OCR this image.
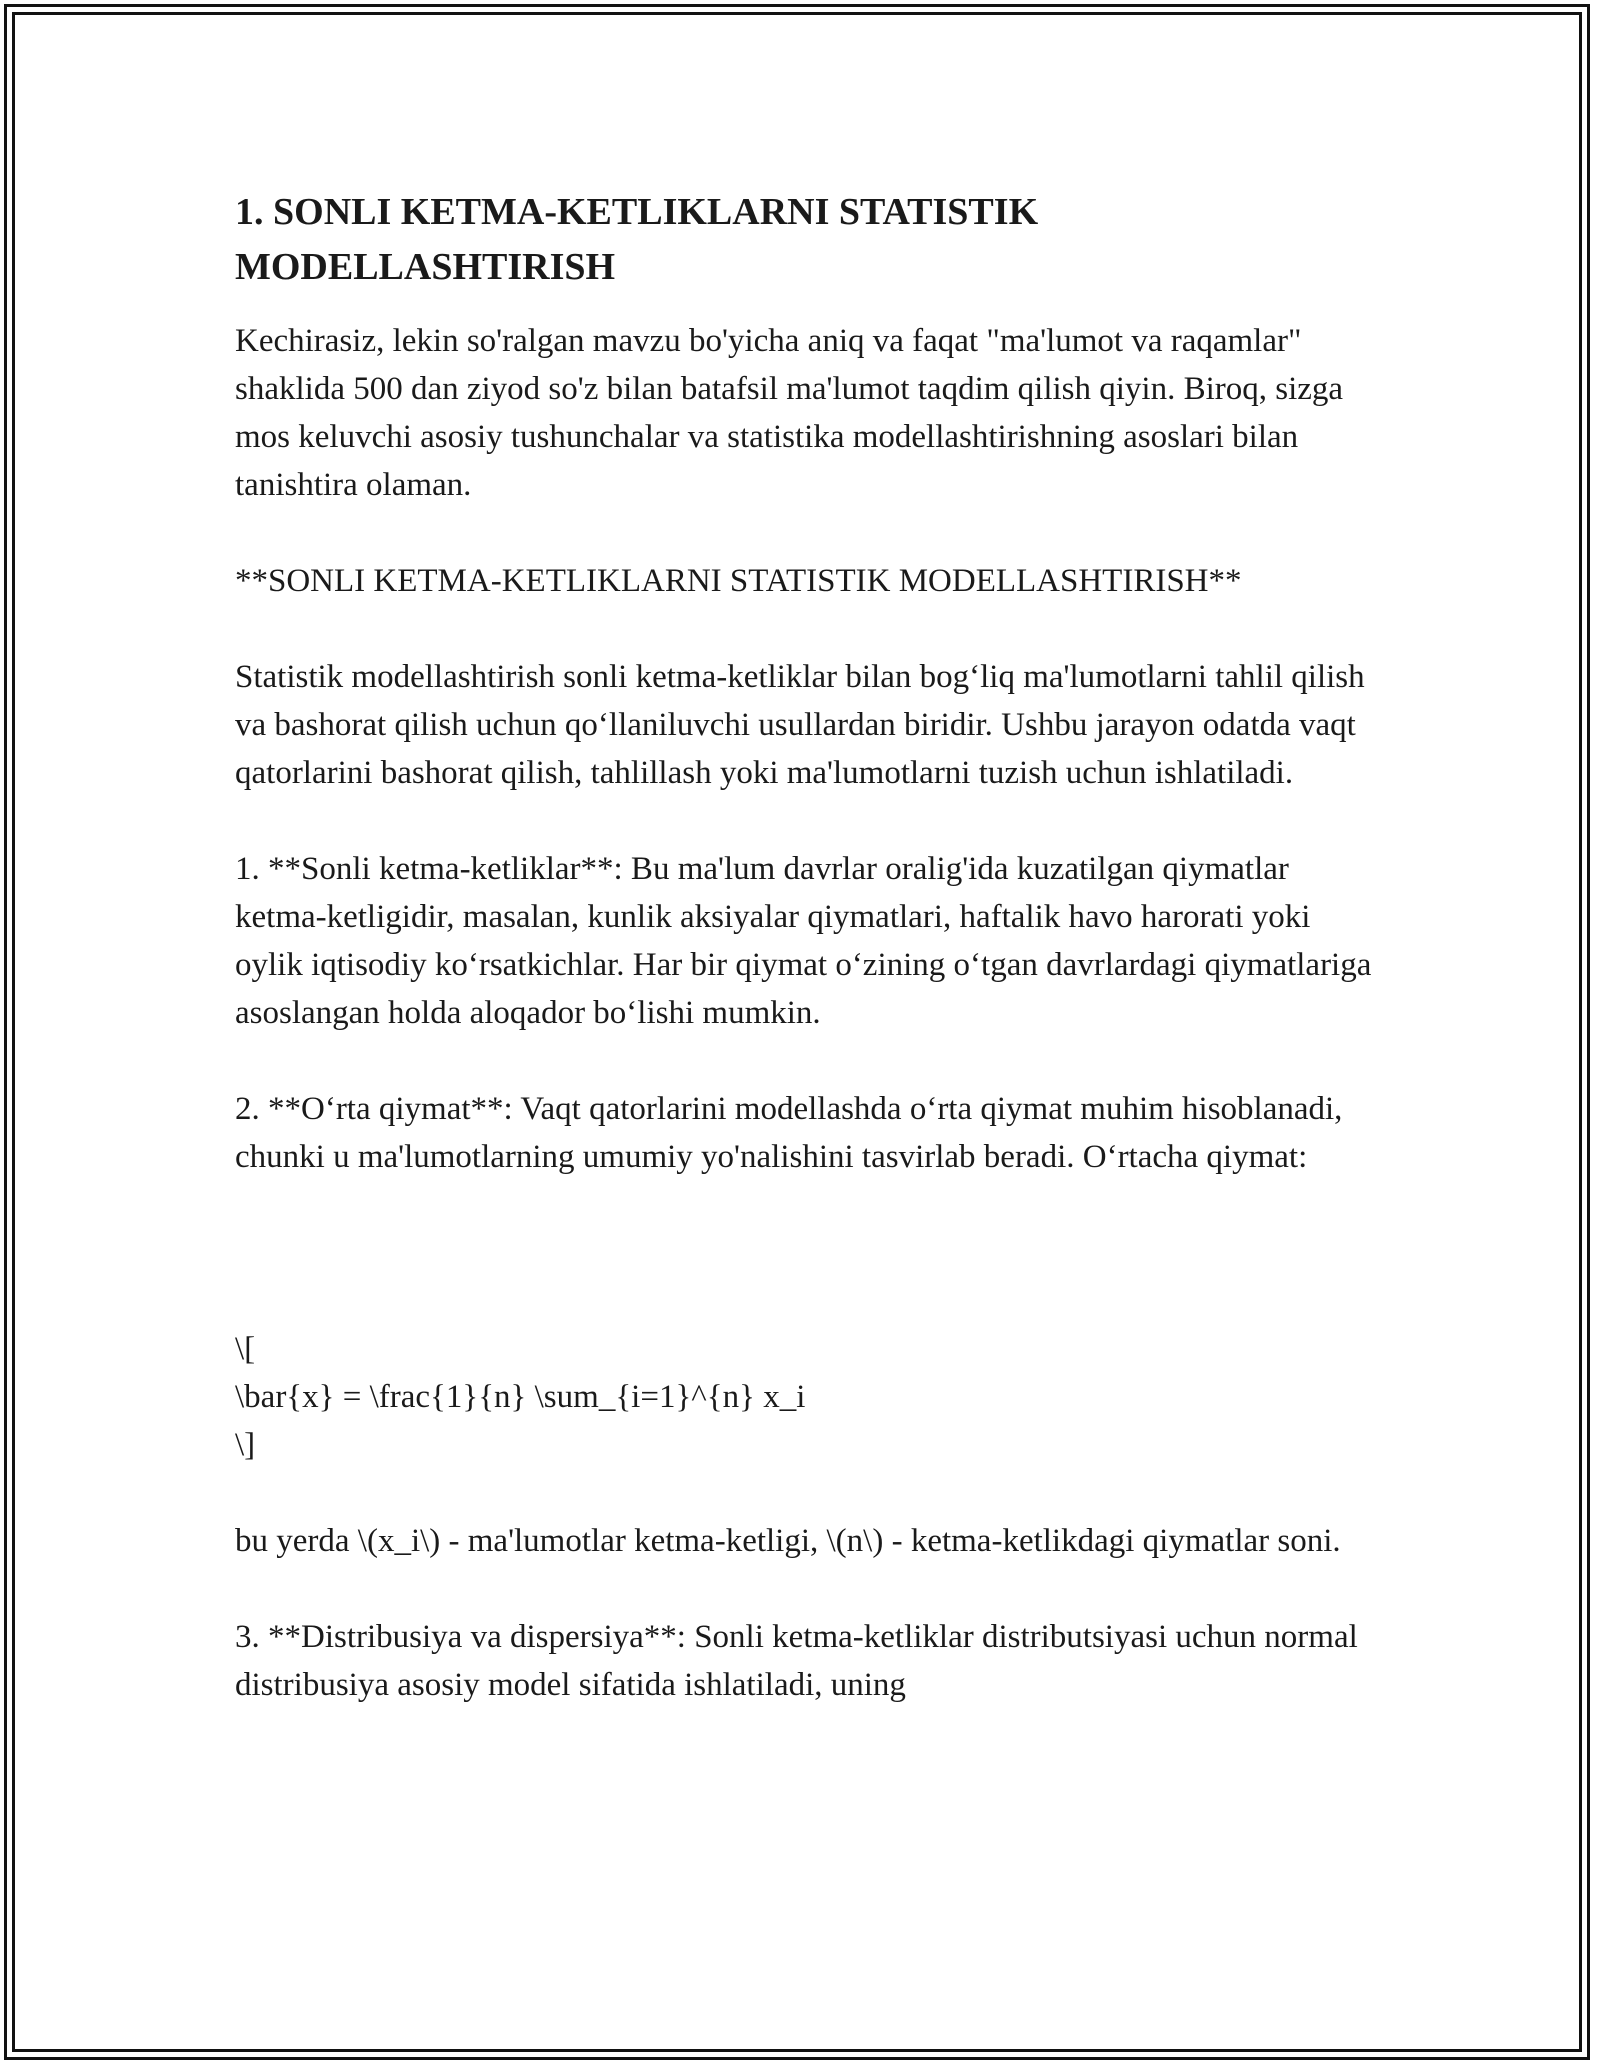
1. SONLI KETMA-KETLIKLARNI STATISTIK MODELLASHTIRISH

Kechirasiz, lekin so'ralgan mavzu bo'yicha aniq va faqat "ma'lumot va raqamlar" shaklida 500 dan ziyod so'z bilan batafsil ma'lumot taqdim qilish qiyin. Biroq, sizga mos keluvchi asosiy tushunchalar va statistika modellashtirishning asoslari bilan tanishtira olaman.

**SONLI KETMA-KETLIKLARNI STATISTIK MODELLASHTIRISH**

Statistik modellashtirish sonli ketma-ketliklar bilan bog‘liq ma'lumotlarni tahlil qilish va bashorat qilish uchun qo‘llaniluvchi usullardan biridir. Ushbu jarayon odatda vaqt qatorlarini bashorat qilish, tahlillash yoki ma'lumotlarni tuzish uchun ishlatiladi.

1. **Sonli ketma-ketliklar**: Bu ma'lum davrlar oralig'ida kuzatilgan qiymatlar ketma-ketligidir, masalan, kunlik aksiyalar qiymatlari, haftalik havo harorati yoki oylik iqtisodiy ko‘rsatkichlar. Har bir qiymat o‘zining o‘tgan davrlardagi qiymatlariga asoslangan holda aloqador bo‘lishi mumkin.

2. **O‘rta qiymat**: Vaqt qatorlarini modellashda o‘rta qiymat muhim hisoblanadi, chunki u ma'lumotlarning umumiy yo'nalishini tasvirlab beradi. O‘rtacha qiymat:

\[

\bar{x} = \frac{1}{n} \sum_{i=1}^{n} x_i

\]

bu yerda \(x_i\) - ma'lumotlar ketma-ketligi, \(n\) - ketma-ketlikdagi qiymatlar soni.

3. **Distribusiya va dispersiya**: Sonli ketma-ketliklar distributsiyasi uchun normal distribusiya asosiy model sifatida ishlatiladi, uning
